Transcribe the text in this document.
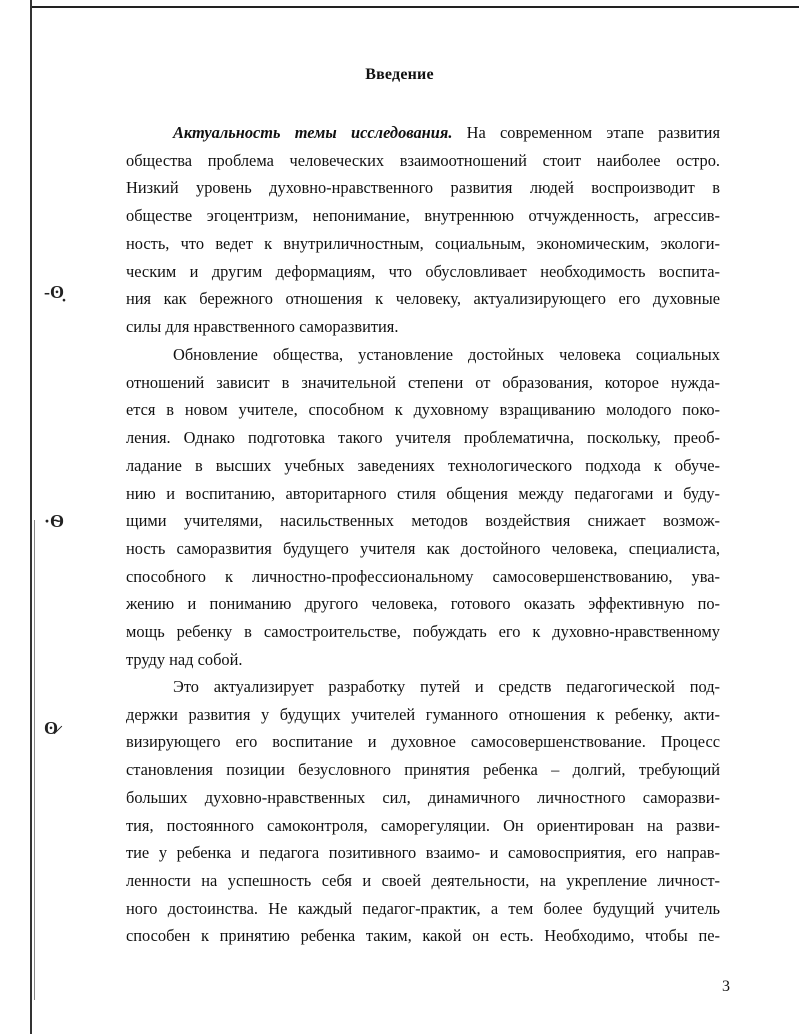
-ʘ̣
·Ѳ
ʘ̷
Введение
Актуальность темы исследования. На современном этапе развития
общества проблема человеческих взаимоотношений стоит наиболее остро.
Низкий уровень духовно-нравственного развития людей воспроизводит в
обществе эгоцентризм, непонимание, внутреннюю отчужденность, агрессив-
ность, что ведет к внутриличностным, социальным, экономическим, экологи-
ческим и другим деформациям, что обусловливает необходимость воспита-
ния как бережного отношения к человеку, актуализирующего его духовные
силы для нравственного саморазвития.
Обновление общества, установление достойных человека социальных
отношений зависит в значительной степени от образования, которое нужда-
ется в новом учителе, способном к духовному взращиванию молодого поко-
ления. Однако подготовка такого учителя проблематична, поскольку, преоб-
ладание в высших учебных заведениях технологического подхода к обуче-
нию и воспитанию, авторитарного стиля общения между педагогами и буду-
щими учителями, насильственных методов воздействия снижает возмож-
ность саморазвития будущего учителя как достойного человека, специалиста,
способного к личностно-профессиональному самосовершенствованию, ува-
жению и пониманию другого человека, готового оказать эффективную по-
мощь ребенку в самостроительстве, побуждать его к духовно-нравственному
труду над собой.
Это актуализирует разработку путей и средств педагогической под-
держки развития у будущих учителей гуманного отношения к ребенку, акти-
визирующего его воспитание и духовное самосовершенствование. Процесс
становления позиции безусловного принятия ребенка – долгий, требующий
больших духовно-нравственных сил, динамичного личностного саморазви-
тия, постоянного самоконтроля, саморегуляции. Он ориентирован на разви-
тие у ребенка и педагога позитивного взаимо- и самовосприятия, его направ-
ленности на успешность себя и своей деятельности, на укрепление личност-
ного достоинства. Не каждый педагог-практик, а тем более будущий учитель
способен к принятию ребенка таким, какой он есть. Необходимо, чтобы пе-
3
